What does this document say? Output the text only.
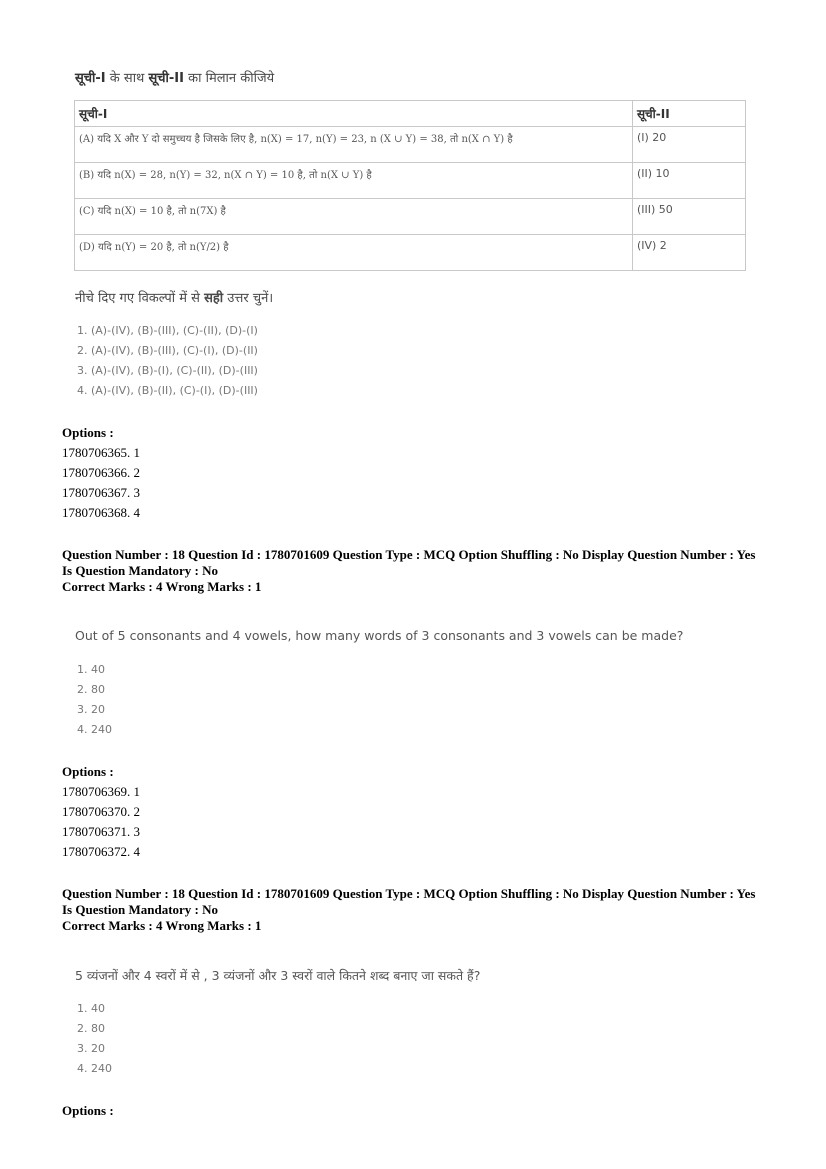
सूची-I के साथ सूची-II का मिलान कीजिये
सूची-I	सूची-II
(A) यदि X और Y दो समुच्चय है जिसके लिए है, n(X) = 17, n(Y) = 23, n (X ∪ Y) = 38, तो n(X ∩ Y) है	(I) 20
(B) यदि n(X) = 28, n(Y) = 32, n(X ∩ Y) = 10 है, तो n(X ∪ Y) है	(II) 10
(C) यदि n(X) = 10 है, तो n(7X) है	(III) 50
(D) यदि n(Y) = 20 है, तो n(Y/2) है	(IV) 2
नीचे दिए गए विकल्पों में से सही उत्तर चुनें।
1. (A)-(IV), (B)-(III), (C)-(II), (D)-(I)
2. (A)-(IV), (B)-(III), (C)-(I), (D)-(II)
3. (A)-(IV), (B)-(I), (C)-(II), (D)-(III)
4. (A)-(IV), (B)-(II), (C)-(I), (D)-(III)
Options :
1780706365. 1
1780706366. 2
1780706367. 3
1780706368. 4
Question Number : 18 Question Id : 1780701609 Question Type : MCQ Option Shuffling : No Display Question Number : Yes
Is Question Mandatory : No
Correct Marks : 4 Wrong Marks : 1
Out of 5 consonants and 4 vowels, how many words of 3 consonants and 3 vowels can be made?
1. 40
2. 80
3. 20
4. 240
Options :
1780706369. 1
1780706370. 2
1780706371. 3
1780706372. 4
Question Number : 18 Question Id : 1780701609 Question Type : MCQ Option Shuffling : No Display Question Number : Yes
Is Question Mandatory : No
Correct Marks : 4 Wrong Marks : 1
5 व्यंजनों और 4 स्वरों में से , 3 व्यंजनों और 3 स्वरों वाले कितने शब्द बनाए जा सकते हैं?
1. 40
2. 80
3. 20
4. 240
Options :
